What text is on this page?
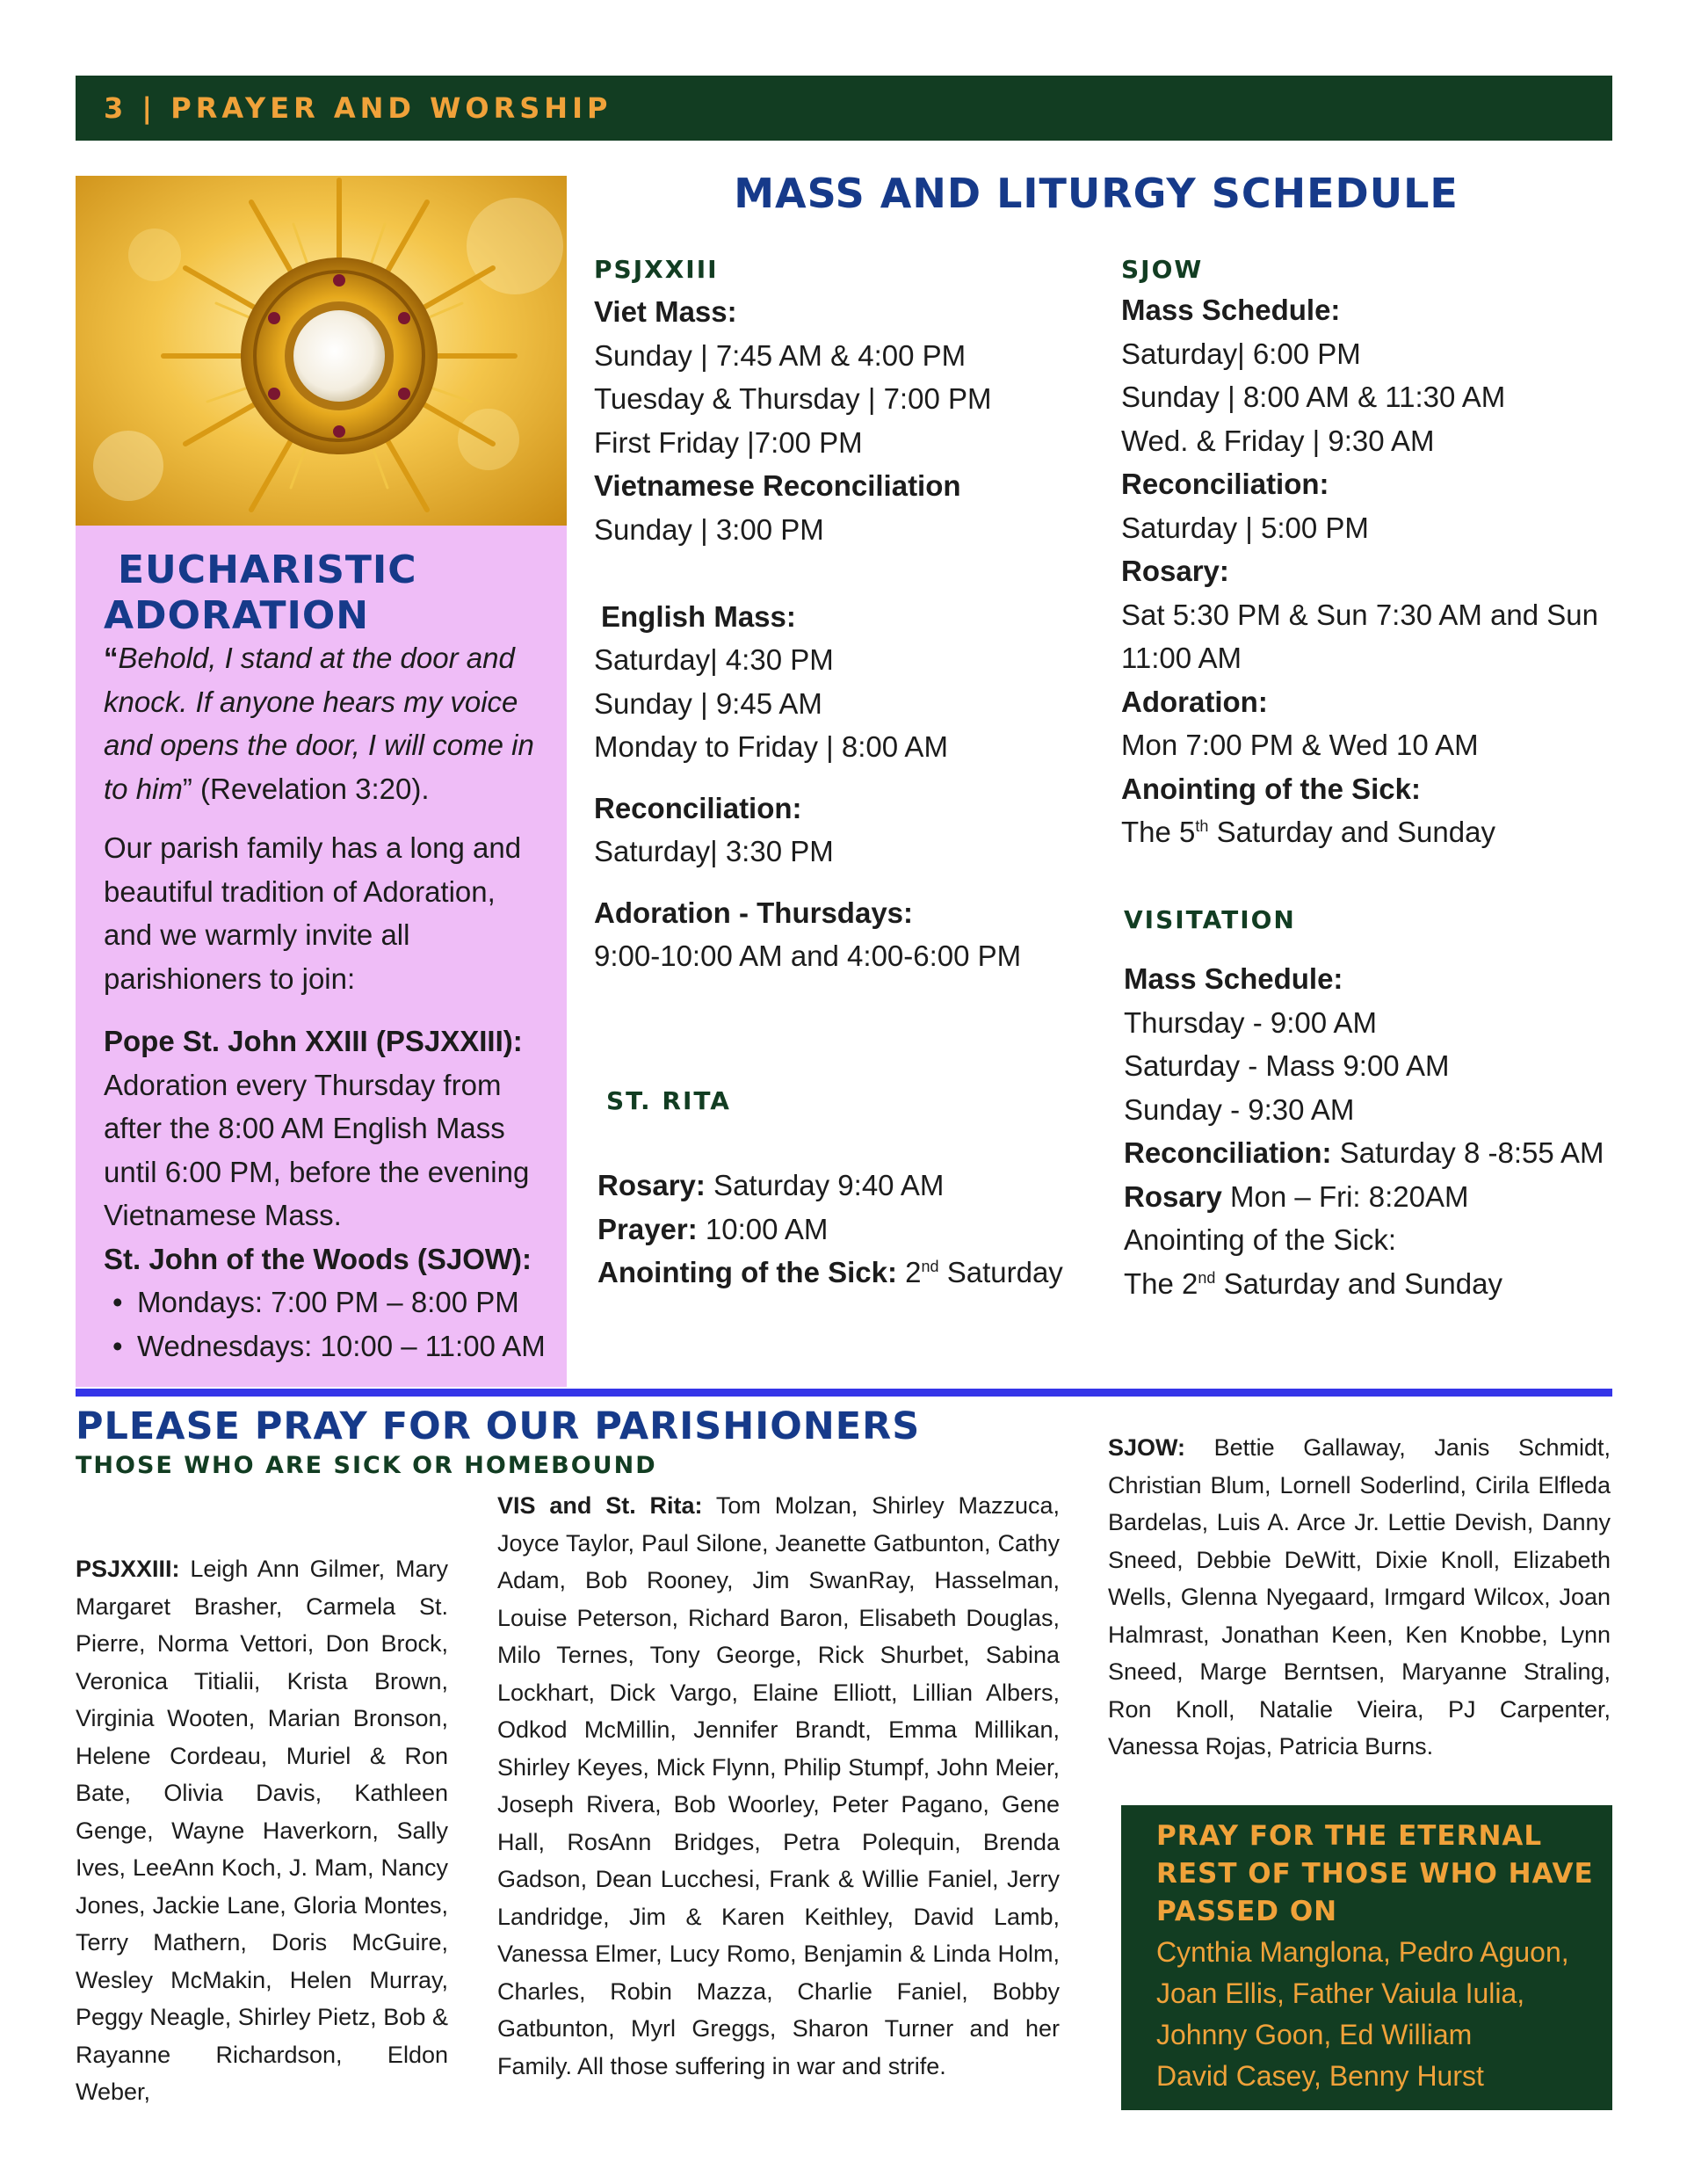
3 | PRAYER AND WORSHIP
EUCHARISTIC
ADORATION
“Behold, I stand at the door and knock. If anyone hears my voice and opens the door, I will come in to him” (Revelation 3:20).
Our parish family has a long and beautiful tradition of Adoration, and we warmly invite all parishioners to join:
Pope St. John XXIII (PSJXXIII):
Adoration every Thursday from after the 8:00 AM English Mass until 6:00 PM, before the evening Vietnamese Mass.
St. John of the Woods (SJOW):
• Mondays: 7:00 PM – 8:00 PM
• Wednesdays: 10:00 – 11:00 AM
MASS AND LITURGY SCHEDULE
PSJXXIII
Viet Mass:
Sunday | 7:45 AM & 4:00 PM
Tuesday & Thursday | 7:00 PM
First Friday |7:00 PM
Vietnamese Reconciliation
Sunday | 3:00 PM
English Mass:
Saturday| 4:30 PM
Sunday | 9:45 AM
Monday to Friday | 8:00 AM
Reconciliation:
Saturday| 3:30 PM
Adoration - Thursdays:
9:00-10:00 AM and 4:00-6:00 PM
ST. RITA
Rosary: Saturday 9:40 AM
Prayer: 10:00 AM
Anointing of the Sick: 2nd Saturday
SJOW
Mass Schedule:
Saturday| 6:00 PM
Sunday | 8:00 AM & 11:30 AM
Wed. & Friday | 9:30 AM
Reconciliation:
Saturday | 5:00 PM
Rosary:
Sat 5:30 PM & Sun 7:30 AM and Sun
11:00 AM
Adoration:
Mon 7:00 PM & Wed 10 AM
Anointing of the Sick:
The 5th Saturday and Sunday
VISITATION
Mass Schedule:
Thursday - 9:00 AM
Saturday - Mass 9:00 AM
Sunday - 9:30 AM
Reconciliation: Saturday 8 -8:55 AM
Rosary Mon – Fri: 8:20AM
Anointing of the Sick:
The 2nd Saturday and Sunday
PLEASE PRAY FOR OUR PARISHIONERS
THOSE WHO ARE SICK OR HOMEBOUND
PSJXXIII: Leigh Ann Gilmer, Mary Margaret Brasher, Carmela St. Pierre, Norma Vettori, Don Brock, Veronica Titialii, Krista Brown, Virginia Wooten, Marian Bronson, Helene Cordeau, Muriel & Ron Bate, Olivia Davis, Kathleen Genge, Wayne Haverkorn, Sally Ives, LeeAnn Koch, J. Mam, Nancy Jones, Jackie Lane, Gloria Montes, Terry Mathern, Doris McGuire, Wesley McMakin, Helen Murray, Peggy Neagle, Shirley Pietz, Bob & Rayanne Richardson, Eldon Weber,
VIS and St. Rita: Tom Molzan, Shirley Mazzuca, Joyce Taylor, Paul Silone, Jeanette Gatbunton, Cathy Adam, Bob Rooney, Jim SwanRay, Hasselman, Louise Peterson, Richard Baron, Elisabeth Douglas, Milo Ternes, Tony George, Rick Shurbet, Sabina Lockhart, Dick Vargo, Elaine Elliott, Lillian Albers, Odkod McMillin, Jennifer Brandt, Emma Millikan, Shirley Keyes, Mick Flynn, Philip Stumpf, John Meier, Joseph Rivera, Bob Woorley, Peter Pagano, Gene Hall, RosAnn Bridges, Petra Polequin, Brenda Gadson, Dean Lucchesi, Frank & Willie Faniel, Jerry Landridge, Jim & Karen Keithley, David Lamb, Vanessa Elmer, Lucy Romo, Benjamin & Linda Holm, Charles, Robin Mazza, Charlie Faniel, Bobby Gatbunton, Myrl Greggs, Sharon Turner and her Family. All those suffering in war and strife.
SJOW: Bettie Gallaway, Janis Schmidt, Christian Blum, Lornell Soderlind, Cirila Elfleda Bardelas, Luis A. Arce Jr. Lettie Devish, Danny Sneed, Debbie DeWitt, Dixie Knoll, Elizabeth Wells, Glenna Nyegaard, Irmgard Wilcox, Joan Halmrast, Jonathan Keen, Ken Knobbe, Lynn Sneed, Marge Berntsen, Maryanne Straling, Ron Knoll, Natalie Vieira, PJ Carpenter, Vanessa Rojas, Patricia Burns.
PRAY FOR THE ETERNAL REST OF THOSE WHO HAVE PASSED ON
Cynthia Manglona, Pedro Aguon,
Joan Ellis, Father Vaiula Iulia,
Johnny Goon, Ed William
David Casey, Benny Hurst
